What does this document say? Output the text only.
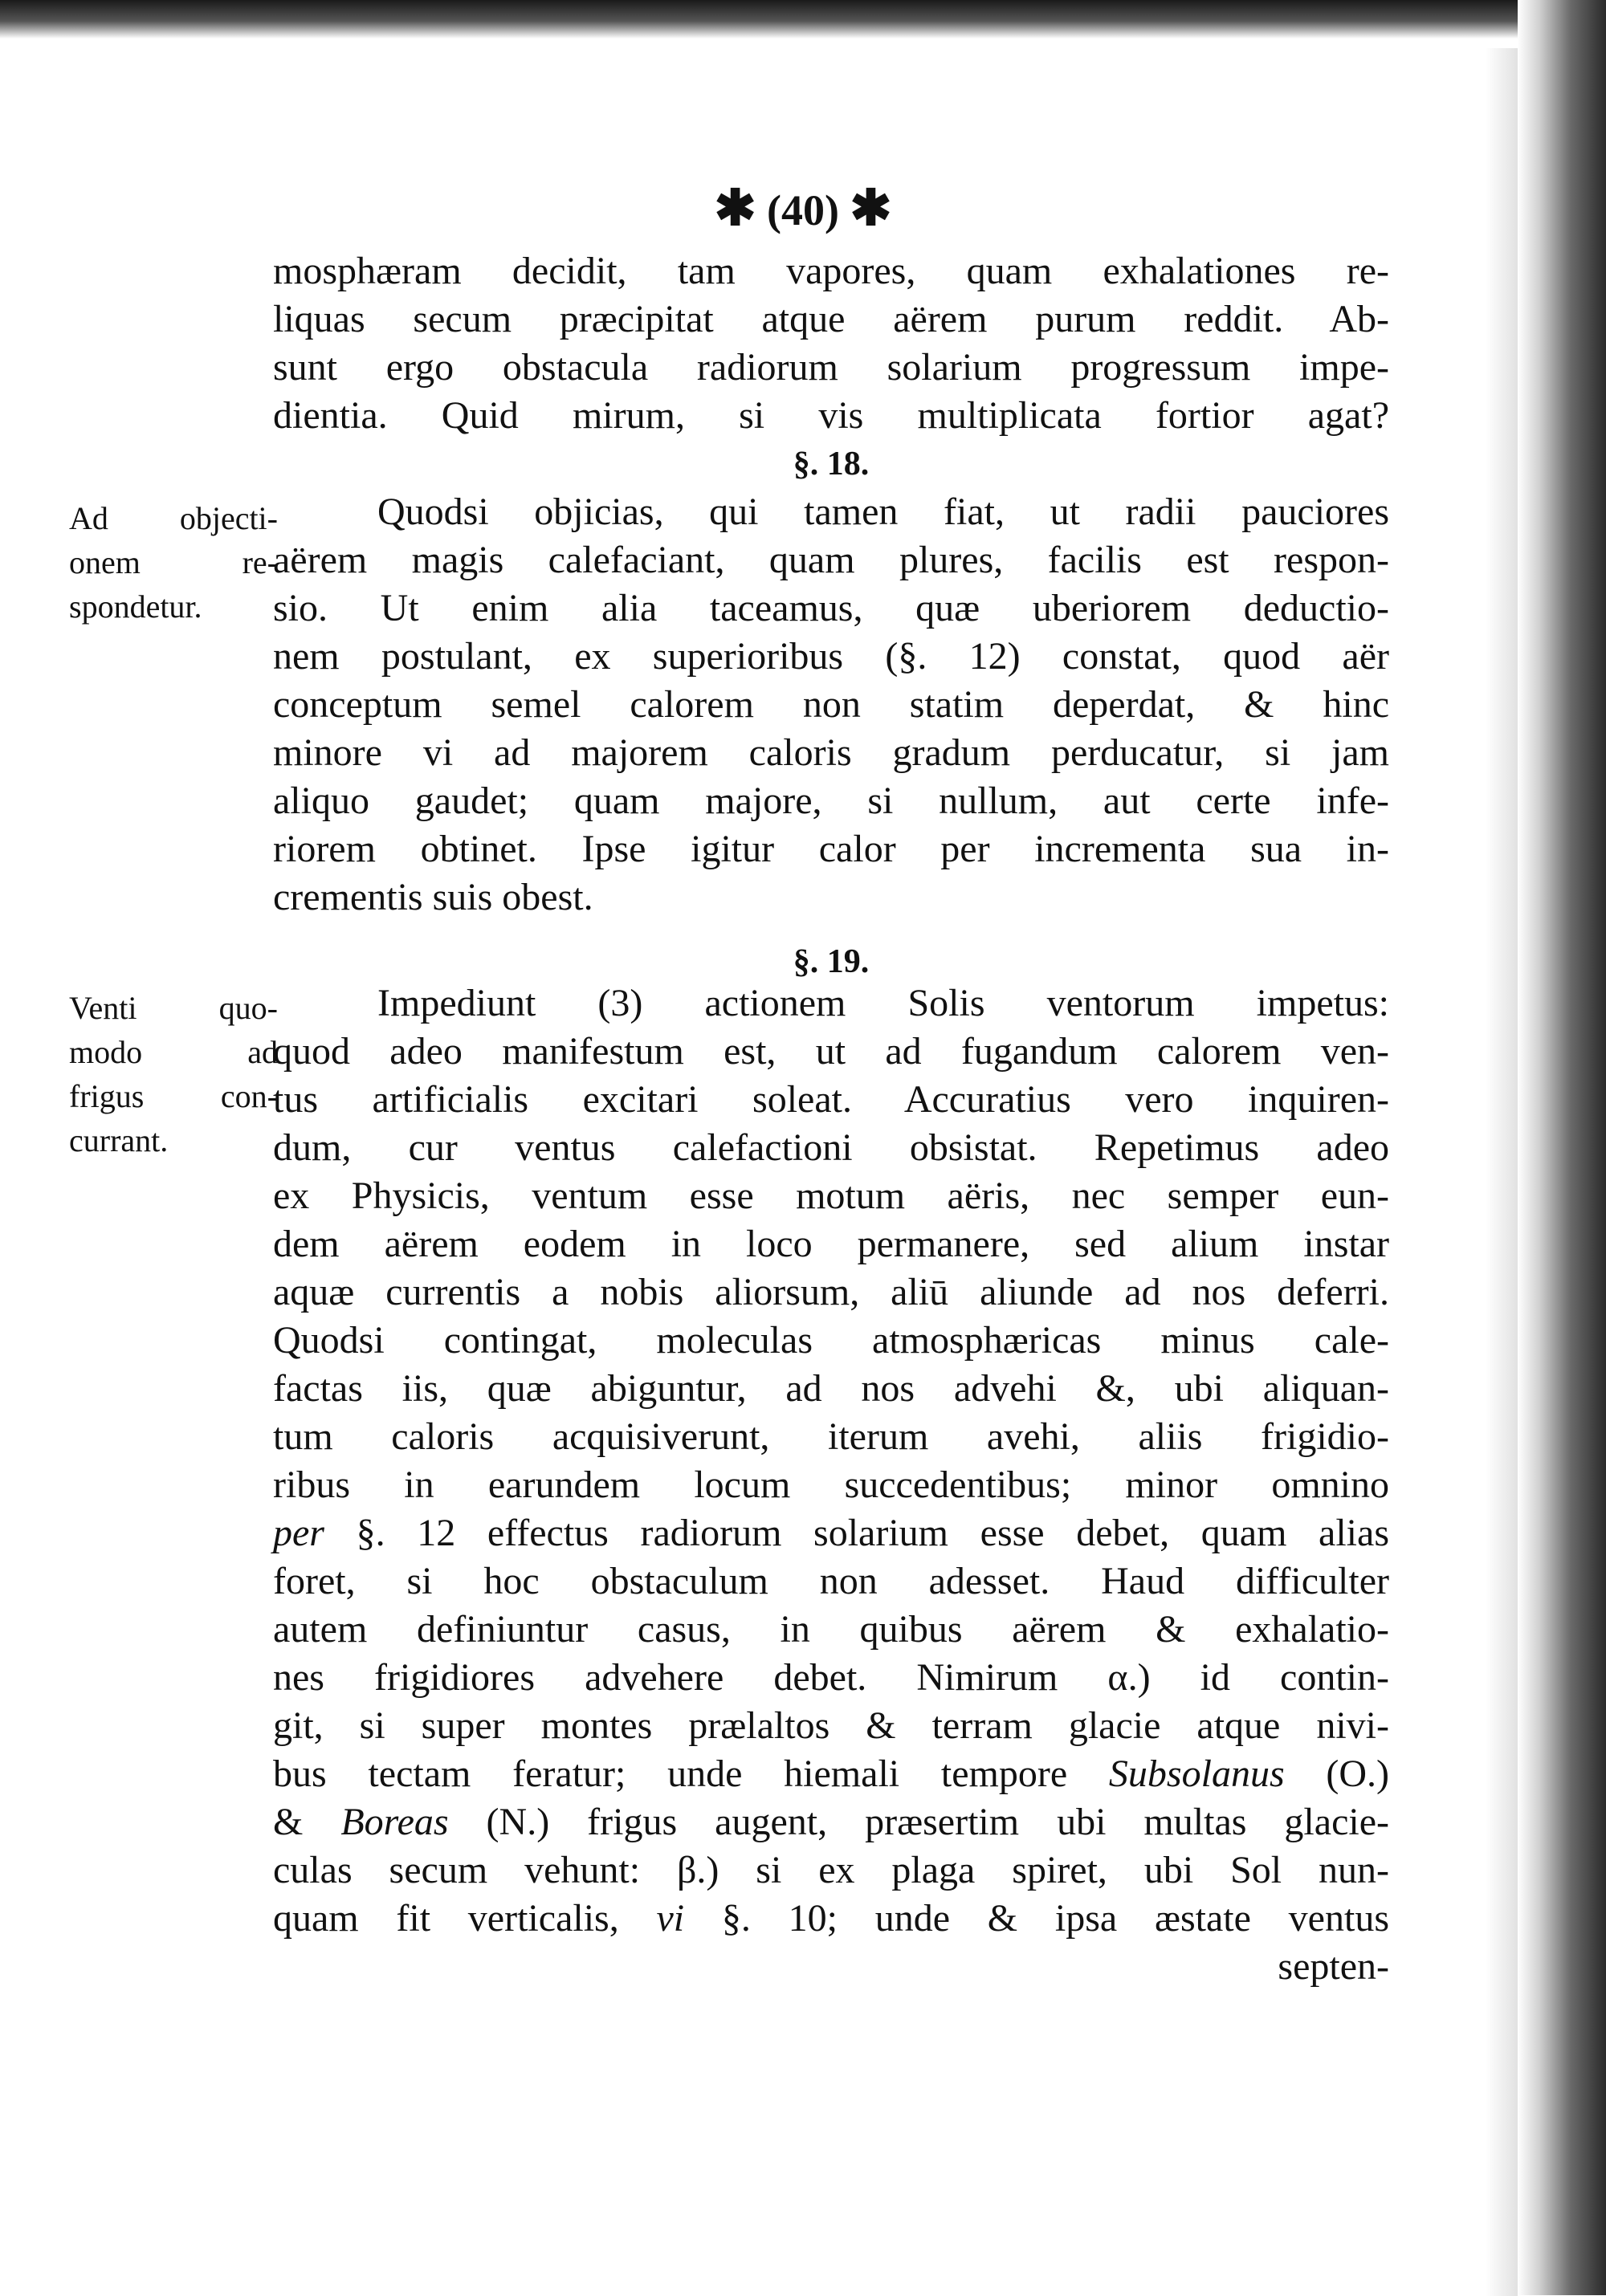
✱ (40) ✱
mosphæram decidit, tam vapores, quam exhalationes re-
liquas secum præcipitat atque aërem purum reddit. Ab-
sunt ergo obstacula radiorum solarium progressum impe-
dientia. Quid mirum, si vis multiplicata fortior agat?
§. 18.
Ad objecti-
onem re-
spondetur.
Quodsi objicias, qui tamen fiat, ut radii pauciores
aërem magis calefaciant, quam plures, facilis est respon-
sio. Ut enim alia taceamus, quæ uberiorem deductio-
nem postulant, ex superioribus (§. 12) constat, quod aër
conceptum semel calorem non statim deperdat, & hinc
minore vi ad majorem caloris gradum perducatur, si jam
aliquo gaudet; quam majore, si nullum, aut certe infe-
riorem obtinet. Ipse igitur calor per incrementa sua in-
crementis suis obest.
§. 19.
Venti quo-
modo ad
frigus con-
currant.
Impediunt (3) actionem Solis ventorum impetus:
quod adeo manifestum est, ut ad fugandum calorem ven-
tus artificialis excitari soleat. Accuratius vero inquiren-
dum, cur ventus calefactioni obsistat. Repetimus adeo
ex Physicis, ventum esse motum aëris, nec semper eun-
dem aërem eodem in loco permanere, sed alium instar
aquæ currentis a nobis aliorsum, aliū aliunde ad nos deferri.
Quodsi contingat, moleculas atmosphæricas minus cale-
factas iis, quæ abiguntur, ad nos advehi &, ubi aliquan-
tum caloris acquisiverunt, iterum avehi, aliis frigidio-
ribus in earundem locum succedentibus; minor omnino
per §. 12 effectus radiorum solarium esse debet, quam alias
foret, si hoc obstaculum non adesset. Haud difficulter
autem definiuntur casus, in quibus aërem & exhalatio-
nes frigidiores advehere debet. Nimirum α.) id contin-
git, si super montes prælaltos & terram glacie atque nivi-
bus tectam feratur; unde hiemali tempore Subsolanus (O.)
& Boreas (N.) frigus augent, præsertim ubi multas glacie-
culas secum vehunt: β.) si ex plaga spiret, ubi Sol nun-
quam fit verticalis, vi §. 10; unde & ipsa æstate ventus
septen-
